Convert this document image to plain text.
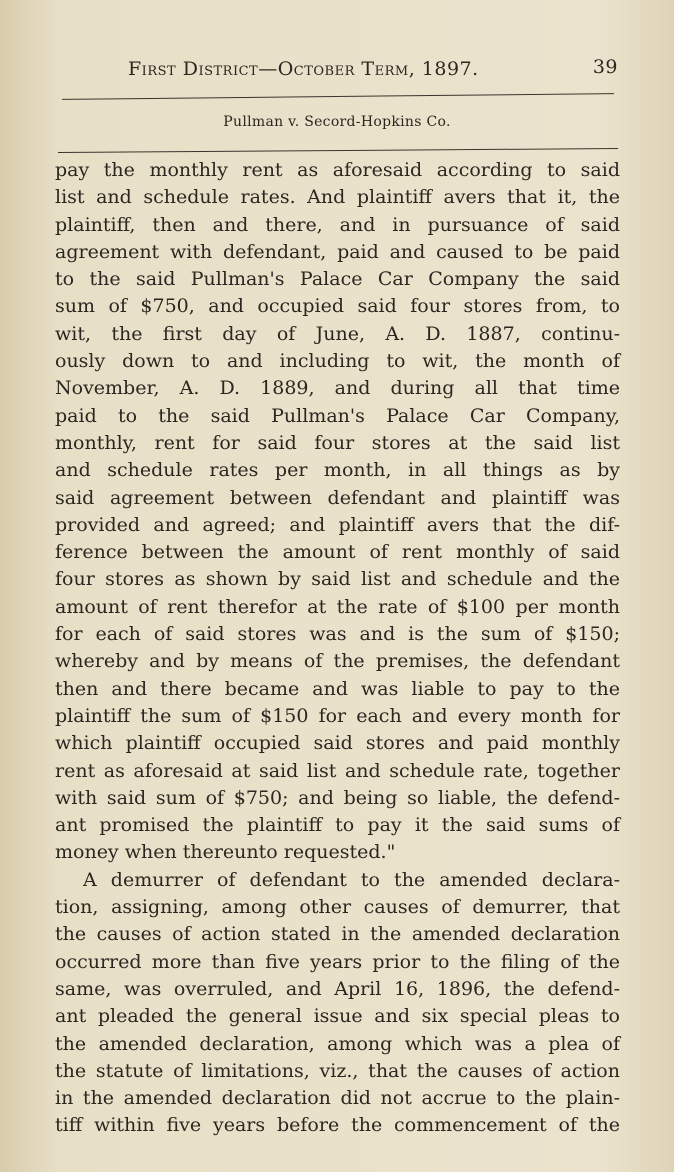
First District—October Term, 1897.	39
Pullman v. Secord-Hopkins Co.
pay the monthly rent as aforesaid according to said
list and schedule rates. And plaintiff avers that it, the
plaintiff, then and there, and in pursuance of said
agreement with defendant, paid and caused to be paid
to the said Pullman's Palace Car Company the said
sum of $750, and occupied said four stores from, to
wit, the first day of June, A. D. 1887, continu-
ously down to and including to wit, the month of
November, A. D. 1889, and during all that time
paid to the said Pullman's Palace Car Company,
monthly, rent for said four stores at the said list
and schedule rates per month, in all things as by
said agreement between defendant and plaintiff was
provided and agreed; and plaintiff avers that the dif-
ference between the amount of rent monthly of said
four stores as shown by said list and schedule and the
amount of rent therefor at the rate of $100 per month
for each of said stores was and is the sum of $150;
whereby and by means of the premises, the defendant
then and there became and was liable to pay to the
plaintiff the sum of $150 for each and every month for
which plaintiff occupied said stores and paid monthly
rent as aforesaid at said list and schedule rate, together
with said sum of $750; and being so liable, the defend-
ant promised the plaintiff to pay it the said sums of
money when thereunto requested."
A demurrer of defendant to the amended declara-
tion, assigning, among other causes of demurrer, that
the causes of action stated in the amended declaration
occurred more than five years prior to the filing of the
same, was overruled, and April 16, 1896, the defend-
ant pleaded the general issue and six special pleas to
the amended declaration, among which was a plea of
the statute of limitations, viz., that the causes of action
in the amended declaration did not accrue to the plain-
tiff within five years before the commencement of the
